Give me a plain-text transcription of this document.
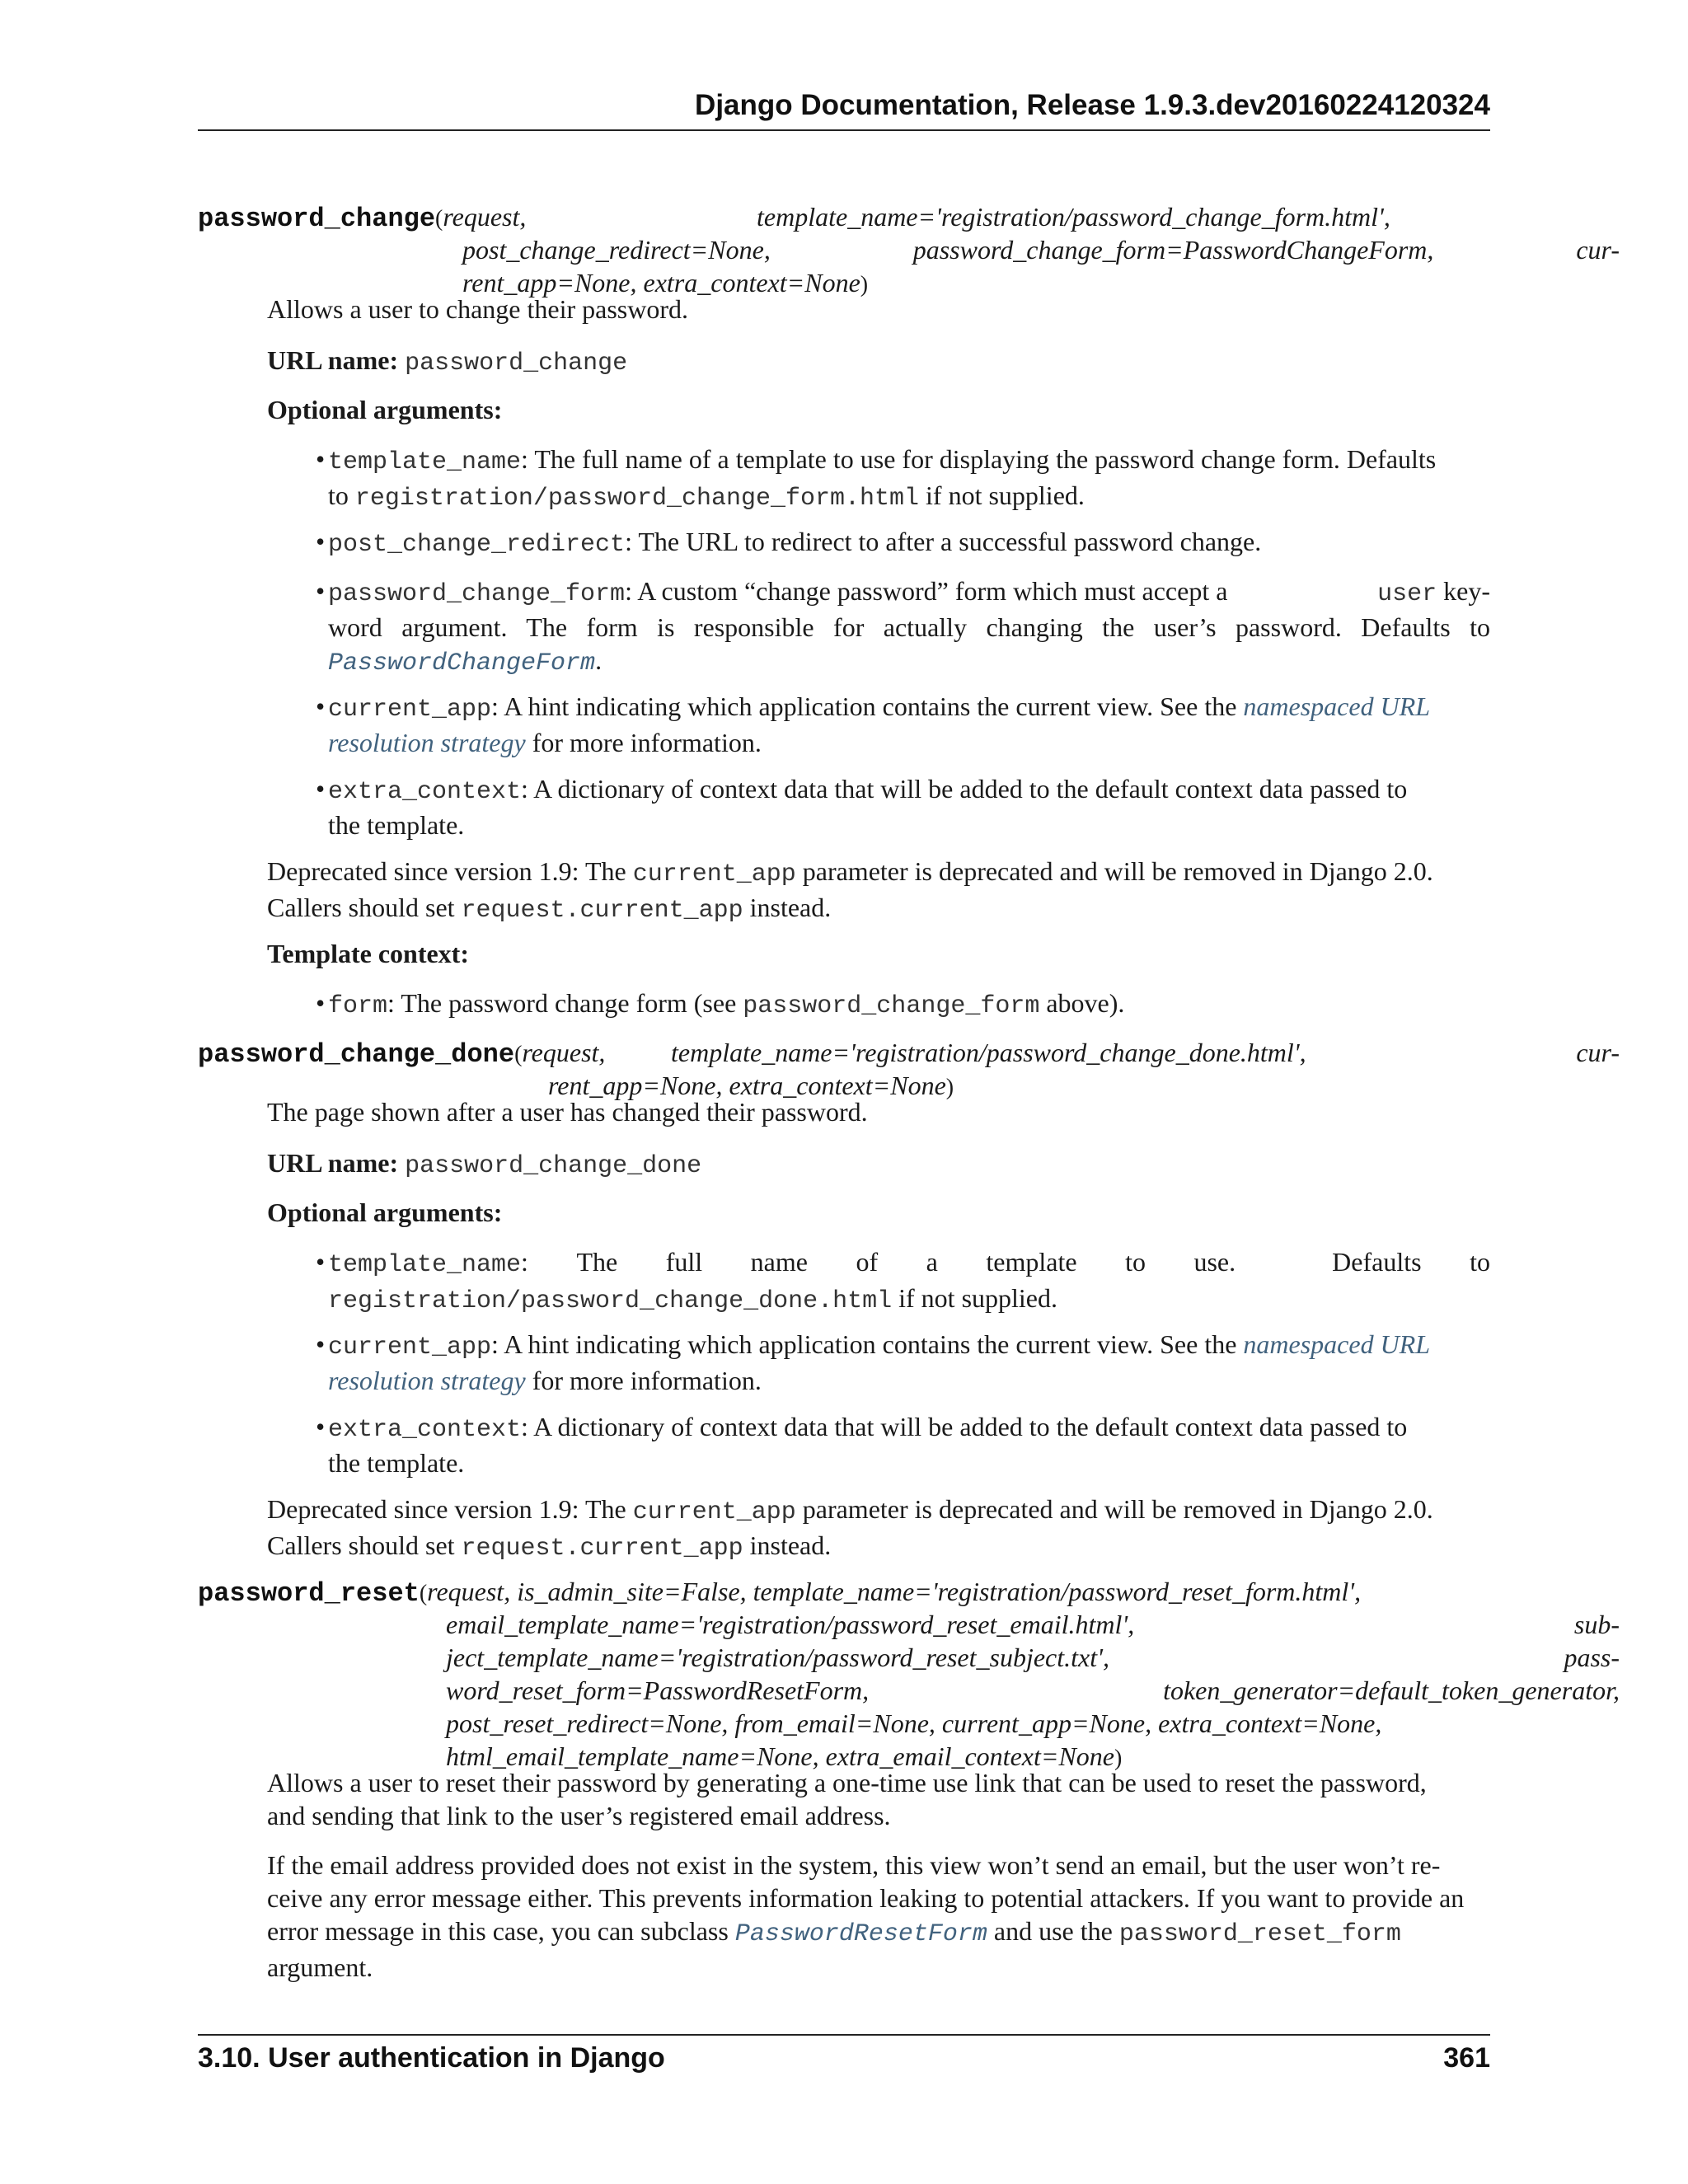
Django Documentation, Release 1.9.3.dev20160224120324
password_change(request,	template_name='registration/password_change_form.html',
post_change_redirect=None,	password_change_form=PasswordChangeForm,	cur-
rent_app=None, extra_context=None)
Allows a user to change their password.
URL name: password_change
Optional arguments:
• template_name: The full name of a template to use for displaying the password change form. Defaults
to registration/password_change_form.html if not supplied.
• post_change_redirect: The URL to redirect to after a successful password change.
• password_change_form: A custom “change password” form which must accept a	user key-
word argument. The form is responsible for actually changing the user’s password. Defaults to
PasswordChangeForm.
• current_app: A hint indicating which application contains the current view. See the namespaced URL
resolution strategy for more information.
• extra_context: A dictionary of context data that will be added to the default context data passed to
the template.
Deprecated since version 1.9: The current_app parameter is deprecated and will be removed in Django 2.0.
Callers should set request.current_app instead.
Template context:
• form: The password change form (see password_change_form above).
password_change_done(request, template_name='registration/password_change_done.html',	cur-
rent_app=None, extra_context=None)
The page shown after a user has changed their password.
URL name: password_change_done
Optional arguments:
• template_name: The full name of a template to use.	Defaults to
registration/password_change_done.html if not supplied.
• current_app: A hint indicating which application contains the current view. See the namespaced URL
resolution strategy for more information.
• extra_context: A dictionary of context data that will be added to the default context data passed to
the template.
Deprecated since version 1.9: The current_app parameter is deprecated and will be removed in Django 2.0.
Callers should set request.current_app instead.
password_reset(request, is_admin_site=False, template_name='registration/password_reset_form.html',
email_template_name='registration/password_reset_email.html',	sub-
ject_template_name='registration/password_reset_subject.txt',	pass-
word_reset_form=PasswordResetForm,	token_generator=default_token_generator,
post_reset_redirect=None, from_email=None, current_app=None, extra_context=None,
html_email_template_name=None, extra_email_context=None)
Allows a user to reset their password by generating a one-time use link that can be used to reset the password,
and sending that link to the user’s registered email address.
If the email address provided does not exist in the system, this view won’t send an email, but the user won’t re-
ceive any error message either. This prevents information leaking to potential attackers. If you want to provide an
error message in this case, you can subclass PasswordResetForm and use the password_reset_form
argument.
3.10. User authentication in Django	361
